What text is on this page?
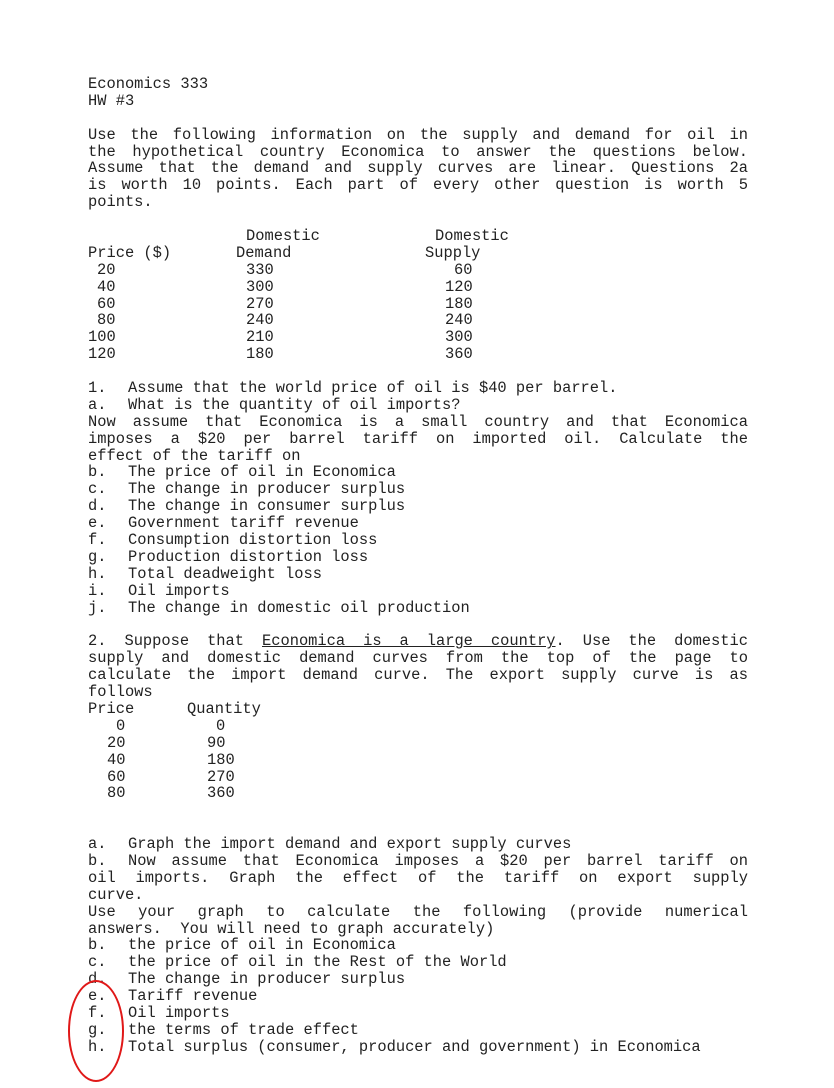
Economics 333
HW #3
Use the following information on the supply and demand for oil in
the hypothetical country Economica to answer the questions below.
Assume that the demand and supply curves are linear. Questions 2a
is worth 10 points. Each part of every other question is worth 5
points.
Domestic	Domestic
Price ($)	Demand	Supply
20	330	60
40	300	120
60	270	180
80	240	240
100	210	300
120	180	360
1.	Assume that the world price of oil is $40 per barrel.
a.	What is the quantity of oil imports?
Now assume that Economica is a small country and that Economica
imposes a $20 per barrel tariff on imported oil. Calculate the
effect of the tariff on
b.	The price of oil in Economica
c.	The change in producer surplus
d.	The change in consumer surplus
e.	Government tariff revenue
f.	Consumption distortion loss
g.	Production distortion loss
h.	Total deadweight loss
i.	Oil imports
j.	The change in domestic oil production
2. Suppose that Economica is a large country. Use the domestic
supply and domestic demand curves from the top of the page to
calculate the import demand curve. The export supply curve is as
follows
Price	Quantity
0	0
20	90
40	180
60	270
80	360
a.	Graph the import demand and export supply curves
b.	Now assume that Economica imposes a $20 per barrel tariff on
oil imports. Graph the effect of the tariff on export supply
curve.
Use your graph to calculate the following (provide numerical
answers.  You will need to graph accurately)
b.	the price of oil in Economica
c.	the price of oil in the Rest of the World
d.	The change in producer surplus
e.	Tariff revenue
f.	Oil imports
g.	the terms of trade effect
h.	Total surplus (consumer, producer and government) in Economica
